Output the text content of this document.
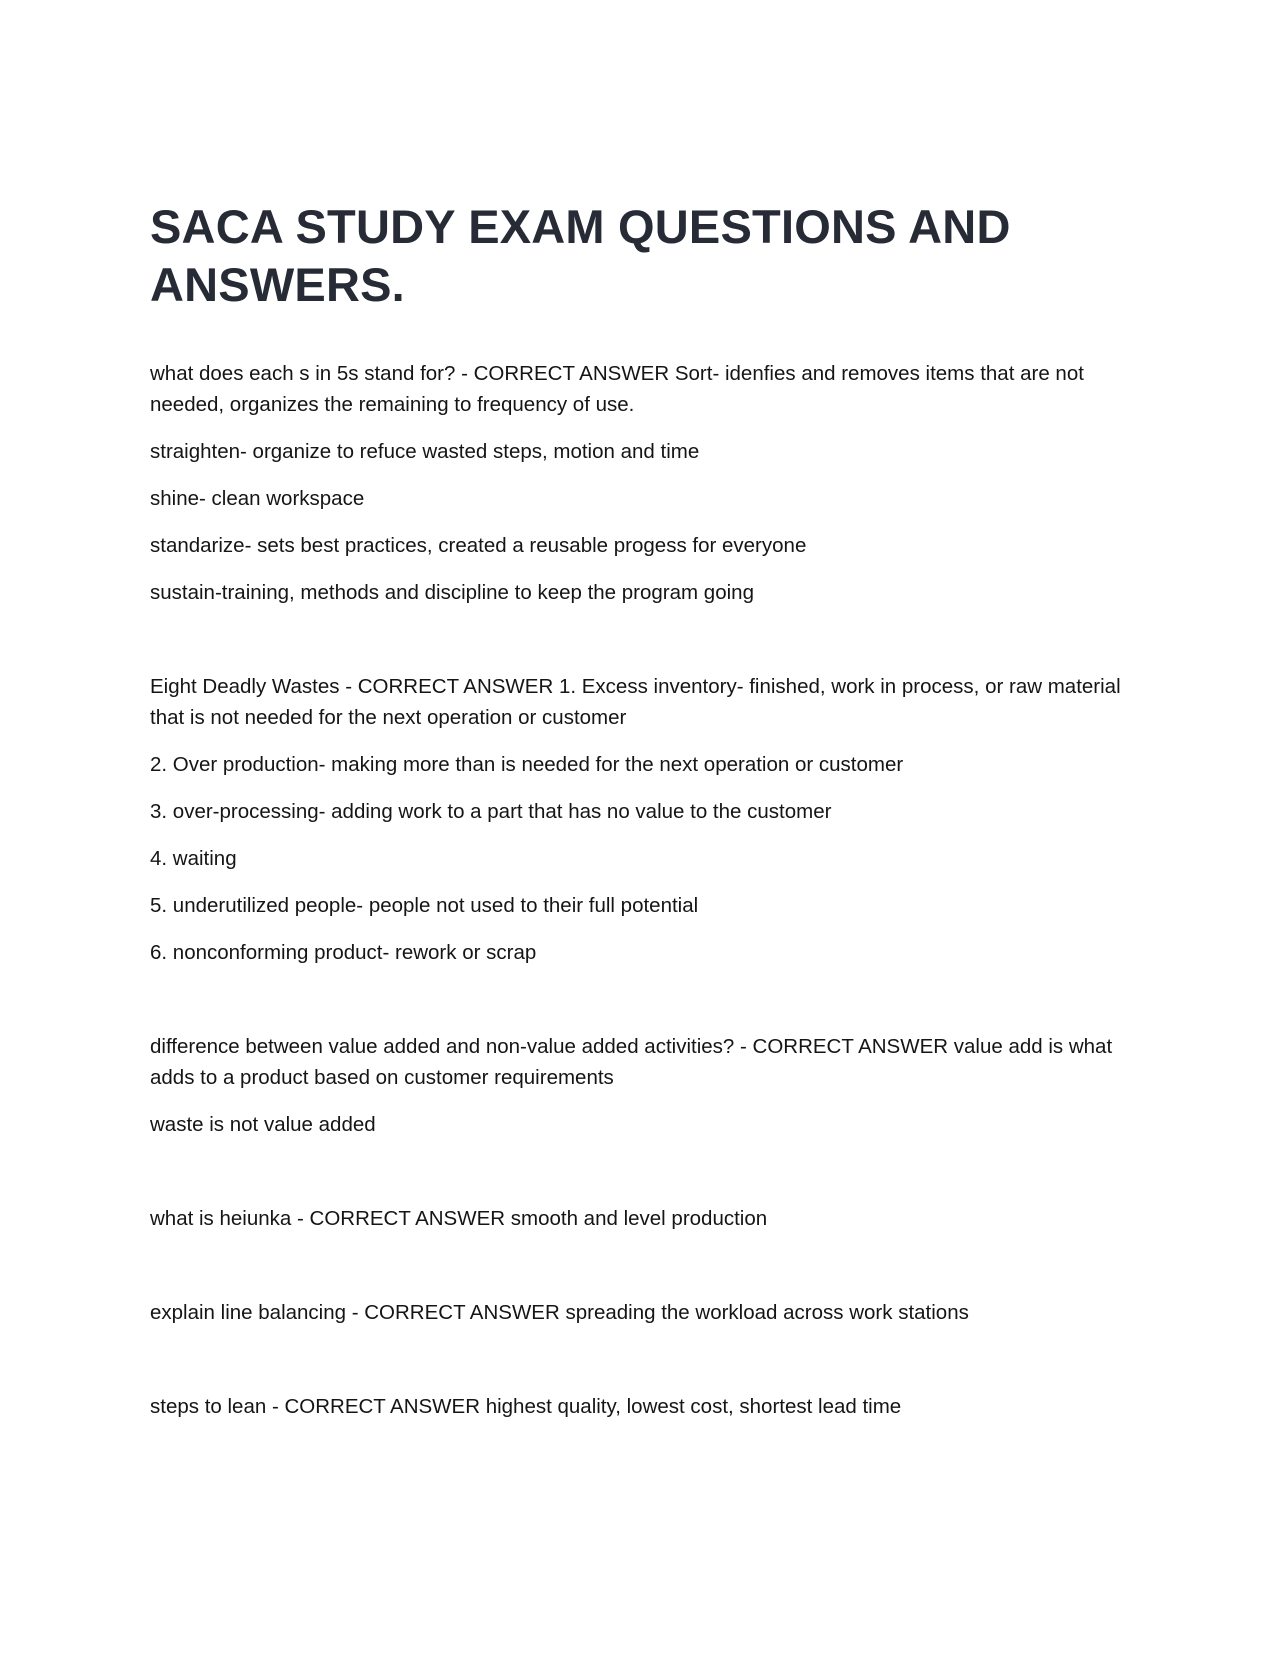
SACA STUDY EXAM QUESTIONS AND ANSWERS.

what does each s in 5s stand for? - CORRECT ANSWER Sort- idenfies and removes items that are not needed, organizes the remaining to frequency of use.

straighten- organize to refuce wasted steps, motion and time

shine- clean workspace

standarize- sets best practices, created a reusable progess for everyone

sustain-training, methods and discipline to keep the program going

Eight Deadly Wastes - CORRECT ANSWER 1. Excess inventory- finished, work in process, or raw material that is not needed for the next operation or customer

2. Over production- making more than is needed for the next operation or customer

3. over-processing- adding work to a part that has no value to the customer

4. waiting

5. underutilized people- people not used to their full potential

6. nonconforming product- rework or scrap

difference between value added and non-value added activities? - CORRECT ANSWER value add is what adds to a product based on customer requirements

waste is not value added

what is heiunka - CORRECT ANSWER smooth and level production

explain line balancing - CORRECT ANSWER spreading the workload across work stations

steps to lean - CORRECT ANSWER highest quality, lowest cost, shortest lead time
